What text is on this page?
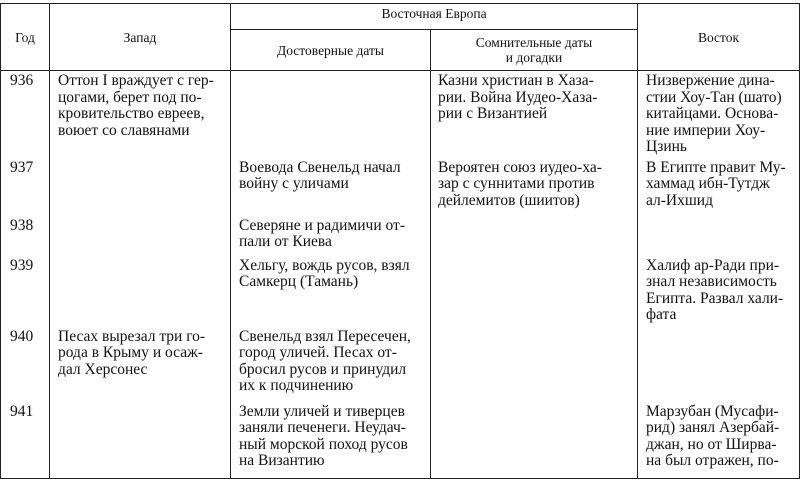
Год	Запад	Восточная Европа		Восток
		Достоверные даты	Сомнительные даты
и догадки	

936	Оттон I враждует с гер-
цогами, берет под по-
кровительство евреев,
воюет со славянами		Казни христиан в Хаза-
рии. Война Иудео-Хаза-
рии с Византией	Низвержение дина-
стии Хоу-Тан (шато)
китайцами. Основа-
ние империи Хоу-
Цзинь

937		Воевода Свенельд начал
войну с уличами	Вероятен союз иудео-ха-
зар с суннитами против
дейлемитов (шиитов)	В Египте правит Му-
хаммад ибн-Тутдж
ал-Ихшид

938		Северяне и радимичи от-
пали от Киева		

939		Хельгу, вождь русов, взял
Самкерц (Тамань)		Халиф ар-Ради при-
знал независимость
Египта. Развал хали-
фата

940	Песах вырезал три го-
рода в Крыму и осаж-
дал Херсонес	Свенельд взял Пересечен,
город уличей. Песах от-
бросил русов и принудил
их к подчинению		

941		Земли уличей и тиверцев
заняли печенеги. Неудач-
ный морской поход русов
на Византию		Марзубан (Мусафи-
рид) занял Азербай-
джан, но от Ширва-
на был отражен, по-
